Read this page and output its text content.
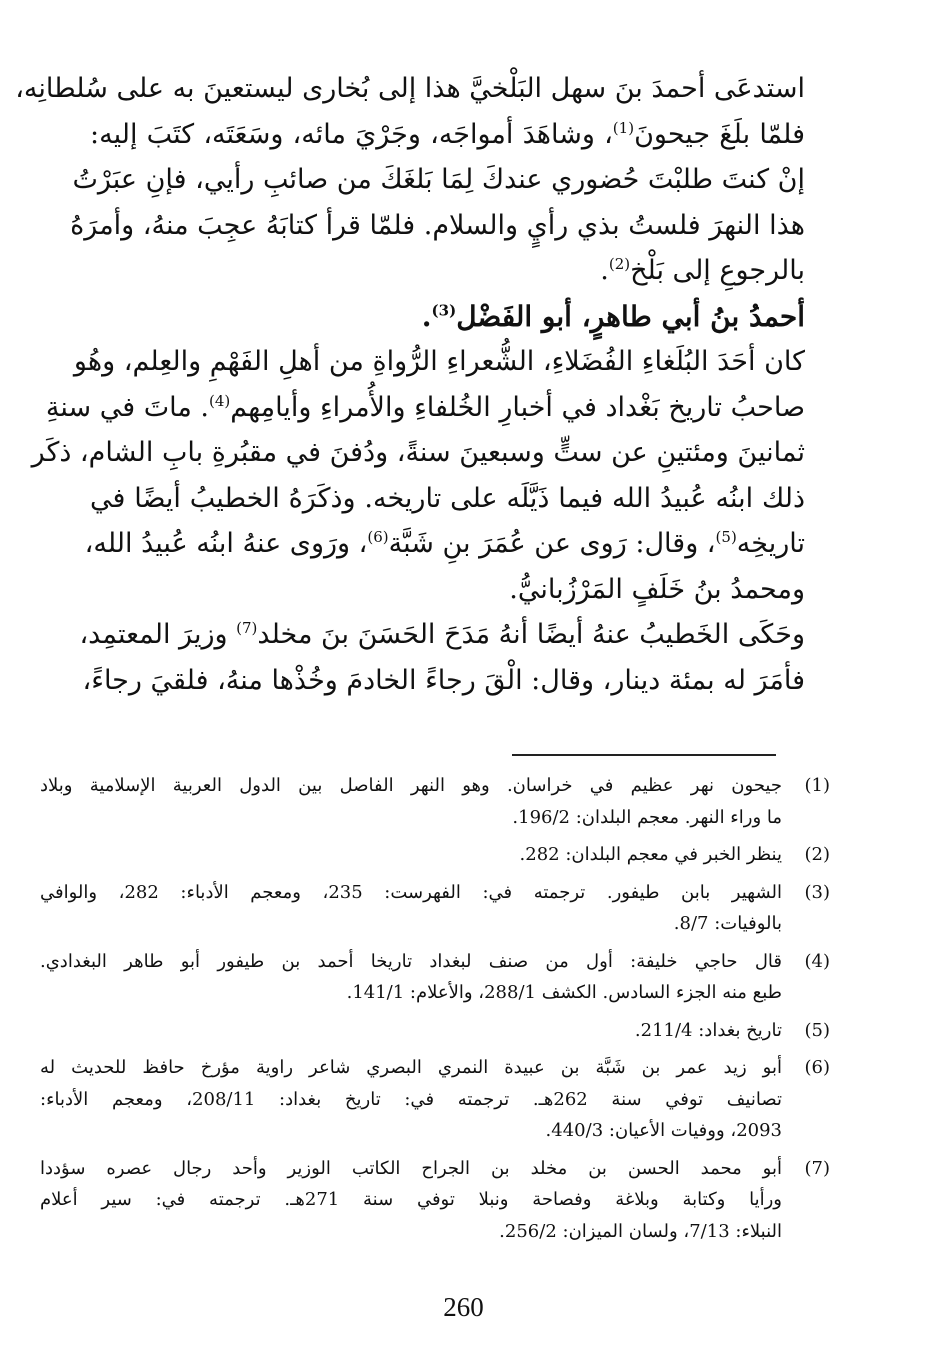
استدعَى أحمدَ بنَ سهل البَلْخيَّ هذا إلى بُخارى ليستعينَ به على سُلطانِه،
فلمّا بلَغَ جيحونَ$^{(1)}$، وشاهَدَ أمواجَه، وجَرْيَ مائه، وسَعَتَه، كتَبَ إليه:
إنْ كنتَ طلبْتَ حُضوري عندكَ لِمَا بَلغَكَ من صائبِ رأيي، فإنِ عبَرْتُ
هذا النهرَ فلستُ بذي رأيٍ والسلام. فلمّا قرأ كتابَهُ عجِبَ منهُ، وأمرَهُ
بالرجوعِ إلى بَلْخ$^{(2)}$.
أحمدُ بنُ أبي طاهرٍ، أبو الفَضْل$^{(3)}$.
كان أحَدَ البُلَغاءِ الفُضَلاءِ، الشُّعراءِ الرُّواةِ من أهلِ الفَهْمِ والعِلم، وهُو
صاحبُ تاريخ بَغْداد في أخبارِ الخُلفاءِ والأُمراءِ وأيامِهم$^{(4)}$. ماتَ في سنةِ
ثمانينَ ومئتينِ عن ستٍّ وسبعينَ سنةً، ودُفنَ في مقبُرةِ بابِ الشام، ذكَر
ذلك ابنُه عُبيدُ الله فيما ذَيَّلَه على تاريخه. وذكَرَهُ الخطيبُ أيضًا في
تاريخِه$^{(5)}$، وقال: رَوى عن عُمَرَ بنِ شَبَّة$^{(6)}$، ورَوى عنهُ ابنُه عُبيدُ الله،
ومحمدُ بنُ خَلَفٍ المَرْزُبانيُّ.
وحَكَى الخَطيبُ عنهُ أيضًا أنهُ مَدَحَ الحَسَنَ بنَ مخلد$^{(7)}$ وزيرَ المعتمِد،
فأمَرَ له بمئة دينار، وقال: الْقَ رجاءً الخادمَ وخُذْها منهُ، فلقيَ رجاءً،
(1)
جيحون نهر عظيم في خراسان. وهو النهر الفاصل بين الدول العربية الإسلامية وبلاد
ما وراء النهر. معجم البلدان: 196/2.
(2)
ينظر الخبر في معجم البلدان: 282.
(3)
الشهير بابن طيفور. ترجمته في: الفهرست: 235، ومعجم الأدباء: 282، والوافي
بالوفيات: 8/7.
(4)
قال حاجي خليفة: أول من صنف لبغداد تاريخا أحمد بن طيفور أبو طاهر البغدادي.
طبع منه الجزء السادس. الكشف 288/1، والأعلام: 141/1.
(5)
تاريخ بغداد: 211/4.
(6)
أبو زيد عمر بن شَبَّة بن عبيدة النمري البصري شاعر راوية مؤرخ حافظ للحديث له
تصانيف توفي سنة 262هـ. ترجمته في: تاريخ بغداد: 208/11، ومعجم الأدباء:
2093، ووفيات الأعيان: 440/3.
(7)
أبو محمد الحسن بن مخلد بن الجراح الكاتب الوزير وأحد رجال عصره سؤددا
ورأيا وكتابة وبلاغة وفصاحة ونبلا توفي سنة 271هـ. ترجمته في: سير أعلام
النبلاء: 7/13، ولسان الميزان: 256/2.
260
